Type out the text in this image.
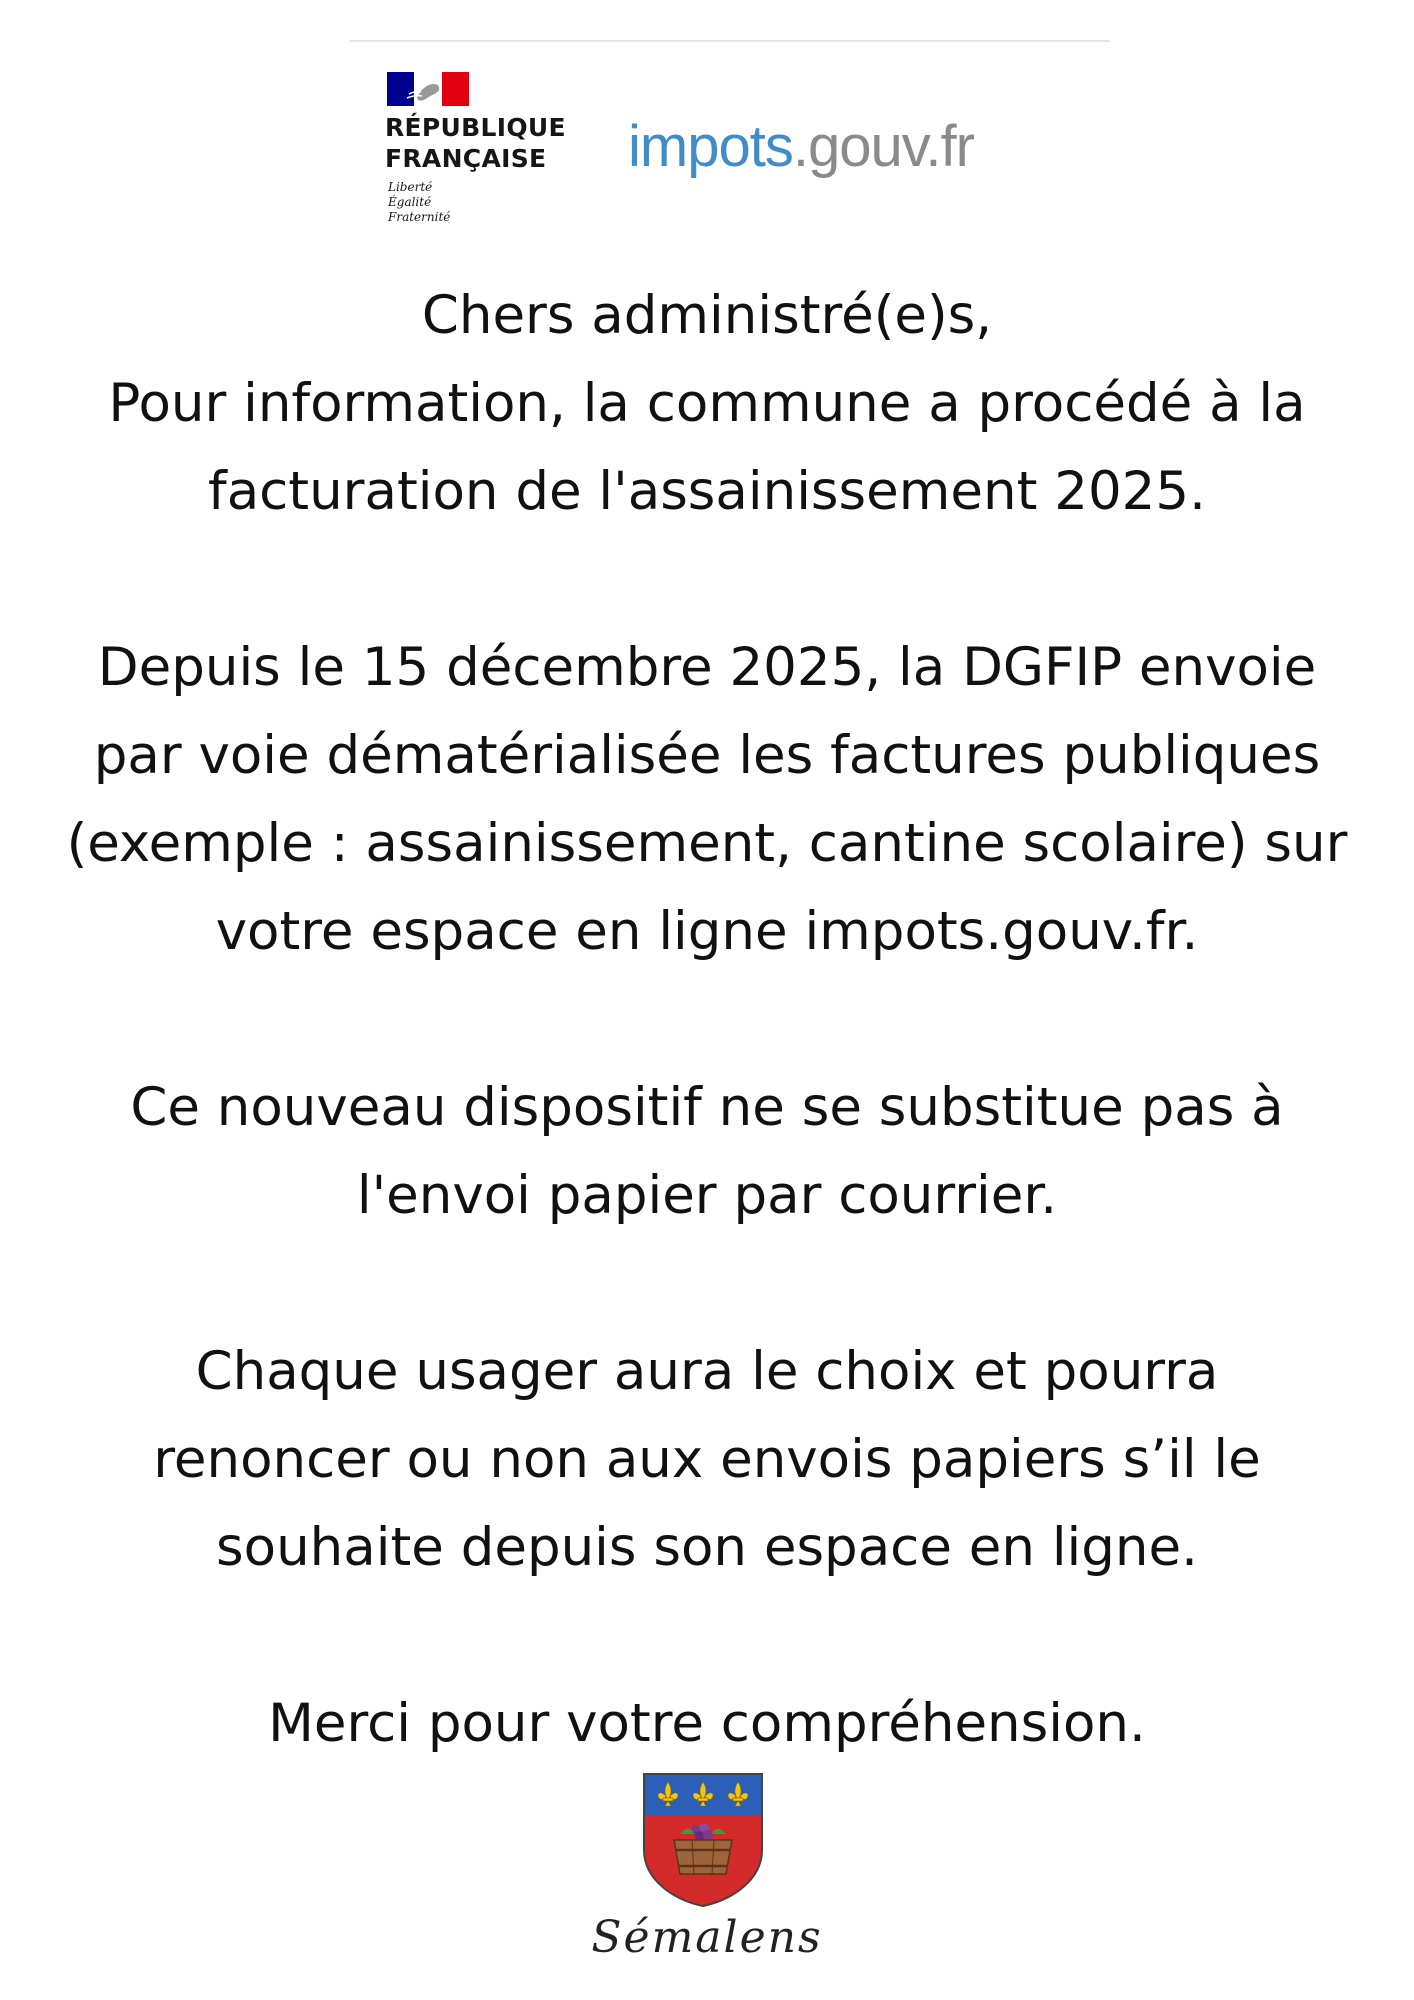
RÉPUBLIQUE
FRANÇAISE
Liberté
Égalité
Fraternité
impots.gouv.fr

Chers administré(e)s,

Pour information, la commune a procédé à la
facturation de l'assainissement 2025.

Depuis le 15 décembre 2025, la DGFIP envoie
par voie dématérialisée les factures publiques
(exemple : assainissement, cantine scolaire) sur
votre espace en ligne impots.gouv.fr.

Ce nouveau dispositif ne se substitue pas à
l'envoi papier par courrier.

Chaque usager aura le choix et pourra
renoncer ou non aux envois papiers s’il le
souhaite depuis son espace en ligne.

Merci pour votre compréhension.

Sémalens
